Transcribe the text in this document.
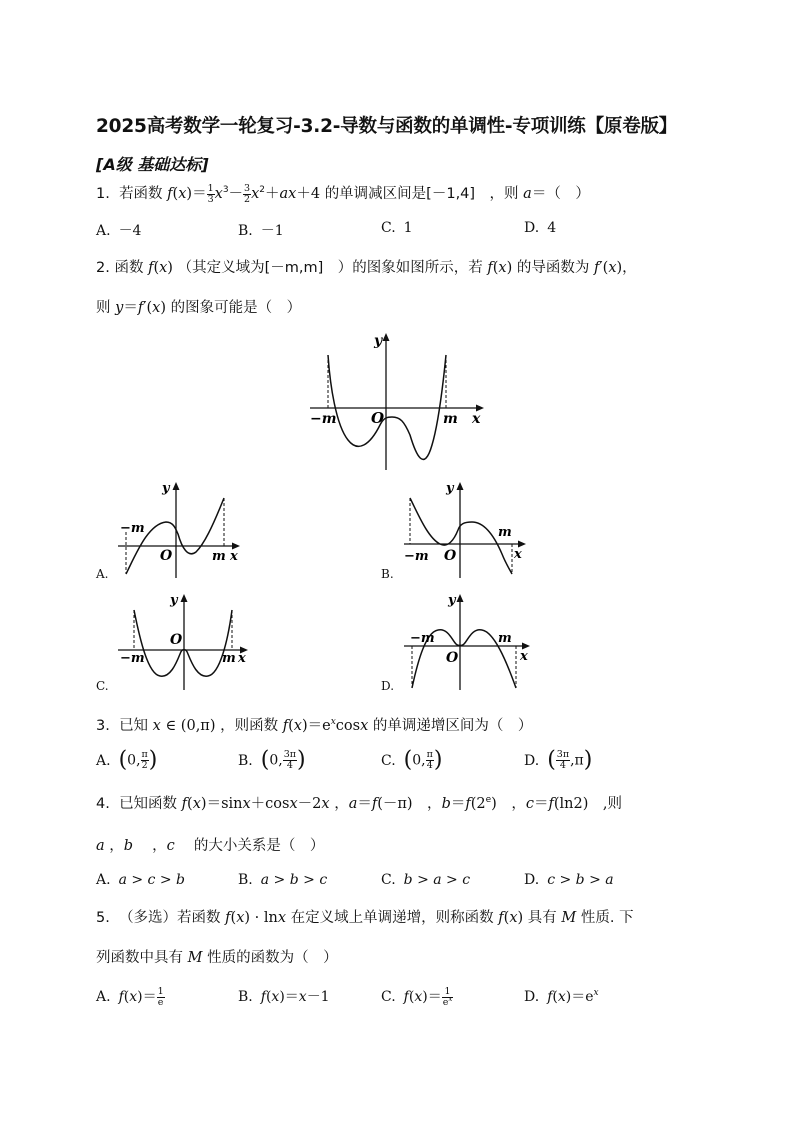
2025高考数学一轮复习-3.2-导数与函数的单调性-专项训练【原卷版】
[A级 基础达标]
1. 若函数 $f(x)= \frac{1}{3} x^3- \frac{3}{2} x^2+ax+4$ 的单调减区间是[－1,4]　，则 a＝（　）
A. －4	B. －1	C. 1	D. 4
2. 函数 f(x) （其定义域为[－m,m]　）的图象如图所示，若 f(x) 的导函数为 f′(x)，
则 y＝f′(x) 的图象可能是（　）
y
x
O
−m	m
y
x
O
−m
m
A.
y
x
O
−m
m
B.
y
x
O
−m	m
C.
y
x
O
−m	m
D.
3. 已知 x ∈ (0,π) ，则函数 $f(x)=e^x\cos x$ 的单调递增区间为（　）
A. (0, $\frac{\pi}{2}$ )	B. (0, $\frac{3\pi}{4}$ )	C. (0, $\frac{\pi}{4}$ )	D. ( $\frac{3\pi}{4} ,\pi$)
4. 已知函数 f(x)＝sinx＋cosx－2x ，a＝f(－π)　，$b=f(2^e)$　，c＝f(ln2)　,则
a ，b 　，c 　 的大小关系是（　）
A. a > c > b	B. a > b > c	C. b > a > c	D. c > b > a
5. （多选）若函数 f(x) · lnx 在定义域上单调递增，则称函数 f(x) 具有 M 性质. 下
列函数中具有 M 性质的函数为（　）
A. $f(x)= \frac{1}{e}$	B. f(x)＝x－1	C. $f(x)= \frac{1}{e^x}$	D. $f(x)=e^x$
